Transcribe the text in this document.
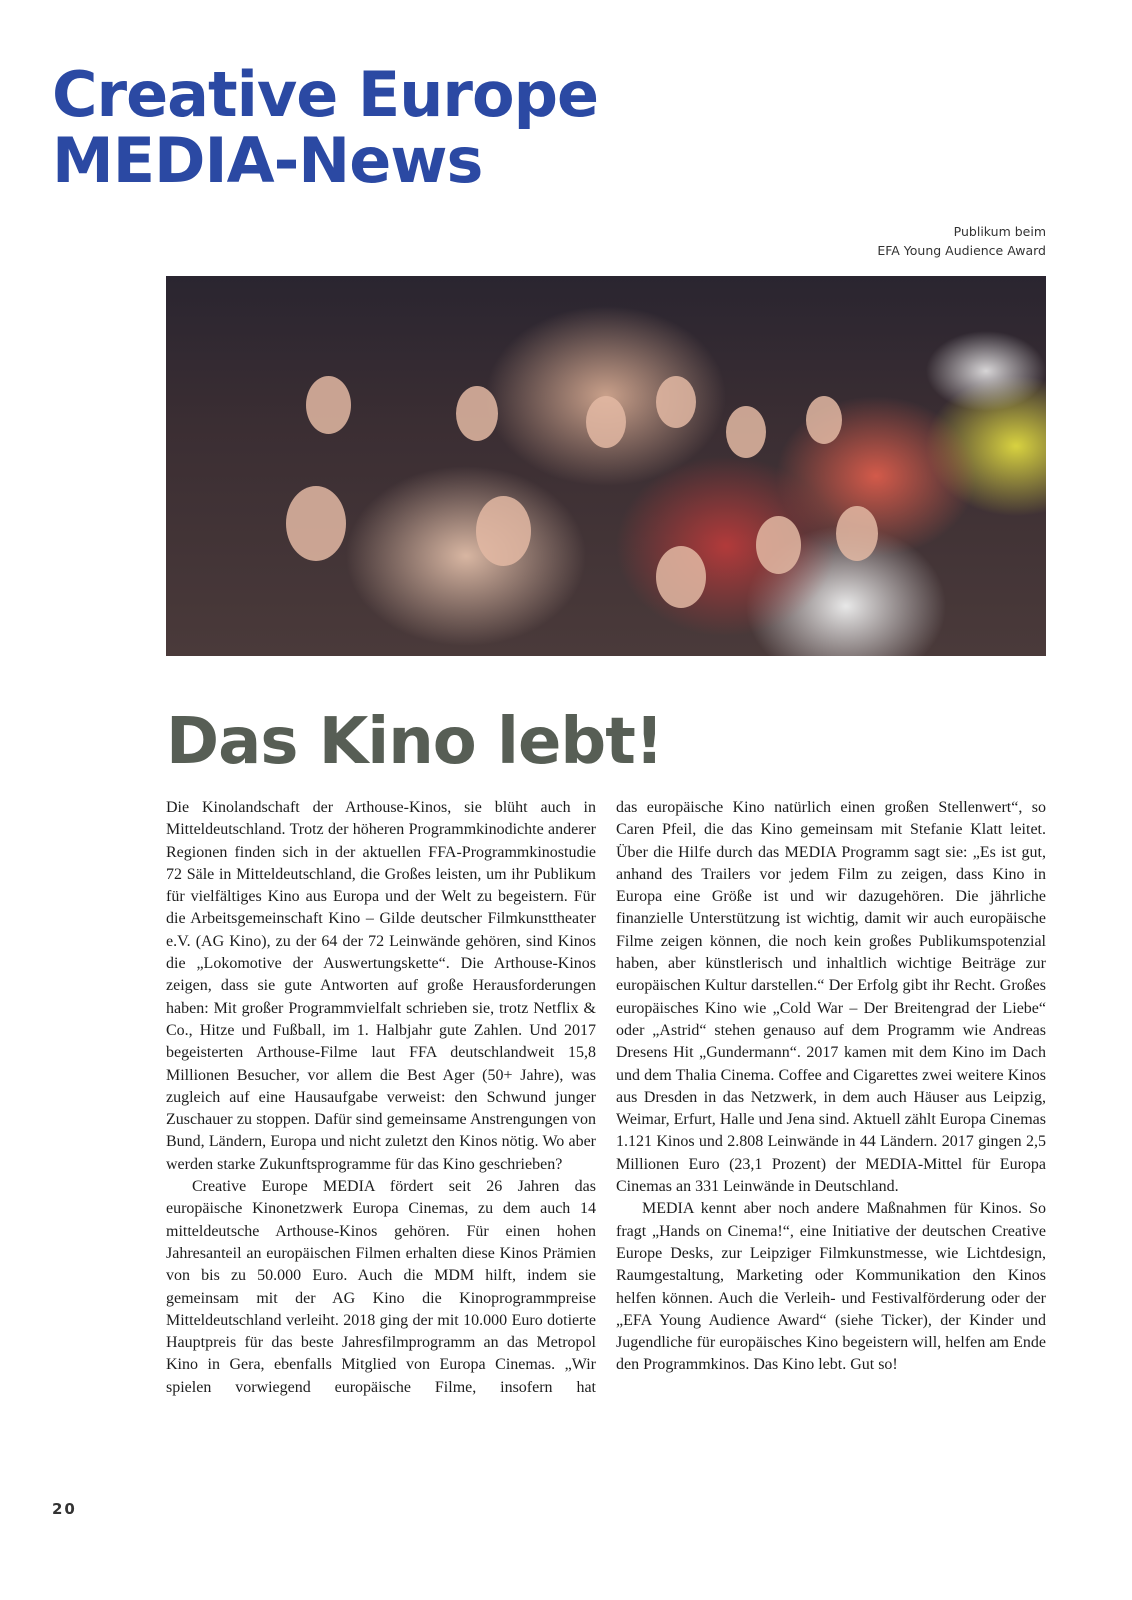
Creative Europe
MEDIA-News
Publikum beim
EFA Young Audience Award
Das Kino lebt!

Die Kinolandschaft der Arthouse-Kinos, sie blüht auch in Mitteldeutschland. Trotz der höheren Programmkinodichte anderer Regionen finden sich in der aktuellen FFA-Programmkinostudie 72 Säle in Mitteldeutschland, die Großes leisten, um ihr Publikum für vielfältiges Kino aus Europa und der Welt zu begeistern. Für die Arbeitsgemeinschaft Kino – Gilde deutscher Filmkunsttheater e.V. (AG Kino), zu der 64 der 72 Leinwände gehören, sind Kinos die „Lokomotive der Auswertungskette“. Die Arthouse-Kinos zeigen, dass sie gute Antworten auf große Herausforderungen haben: Mit großer Programmvielfalt schrieben sie, trotz Netflix & Co., Hitze und Fußball, im 1. Halbjahr gute Zahlen. Und 2017 begeisterten Arthouse-Filme laut FFA deutschlandweit 15,8 Millionen Besucher, vor allem die Best Ager (50+ Jahre), was zugleich auf eine Hausaufgabe verweist: den Schwund junger Zuschauer zu stoppen. Dafür sind gemeinsame Anstrengungen von Bund, Ländern, Europa und nicht zuletzt den Kinos nötig. Wo aber werden starke Zukunftsprogramme für das Kino geschrieben?

Creative Europe MEDIA fördert seit 26 Jahren das europäische Kinonetzwerk Europa Cinemas, zu dem auch 14 mitteldeutsche Arthouse-Kinos gehören. Für einen hohen Jahresanteil an europäischen Filmen erhalten diese Kinos Prämien von bis zu 50.000 Euro. Auch die MDM hilft, indem sie gemeinsam mit der AG Kino die Kinoprogrammpreise Mitteldeutschland verleiht. 2018 ging der mit 10.000 Euro dotierte Hauptpreis für das beste Jahresfilmprogramm an das Metropol Kino in Gera, ebenfalls Mitglied von Europa Cinemas. „Wir spielen vorwiegend europäische Filme, insofern hat

das europäische Kino natürlich einen großen Stellenwert“, so Caren Pfeil, die das Kino gemeinsam mit Stefanie Klatt leitet. Über die Hilfe durch das MEDIA Programm sagt sie: „Es ist gut, anhand des Trailers vor jedem Film zu zeigen, dass Kino in Europa eine Größe ist und wir dazugehören. Die jährliche finanzielle Unterstützung ist wichtig, damit wir auch europäische Filme zeigen können, die noch kein großes Publikumspotenzial haben, aber künstlerisch und inhaltlich wichtige Beiträge zur europäischen Kultur darstellen.“ Der Erfolg gibt ihr Recht. Großes europäisches Kino wie „Cold War – Der Breitengrad der Liebe“ oder „Astrid“ stehen genauso auf dem Programm wie Andreas Dresens Hit „Gundermann“. 2017 kamen mit dem Kino im Dach und dem Thalia Cinema. Coffee and Cigarettes zwei weitere Kinos aus Dresden in das Netzwerk, in dem auch Häuser aus Leipzig, Weimar, Erfurt, Halle und Jena sind. Aktuell zählt Europa Cinemas 1.121 Kinos und 2.808 Leinwände in 44 Ländern. 2017 gingen 2,5 Millionen Euro (23,1 Prozent) der MEDIA-Mittel für Europa Cinemas an 331 Leinwände in Deutschland.

MEDIA kennt aber noch andere Maßnahmen für Kinos. So fragt „Hands on Cinema!“, eine Initiative der deutschen Creative Europe Desks, zur Leipziger Filmkunstmesse, wie Lichtdesign, Raumgestaltung, Marketing oder Kommunikation den Kinos helfen können. Auch die Verleih- und Festivalförderung oder der „EFA Young Audience Award“ (siehe Ticker), der Kinder und Jugendliche für europäisches Kino begeistern will, helfen am Ende den Programmkinos. Das Kino lebt. Gut so!

20
